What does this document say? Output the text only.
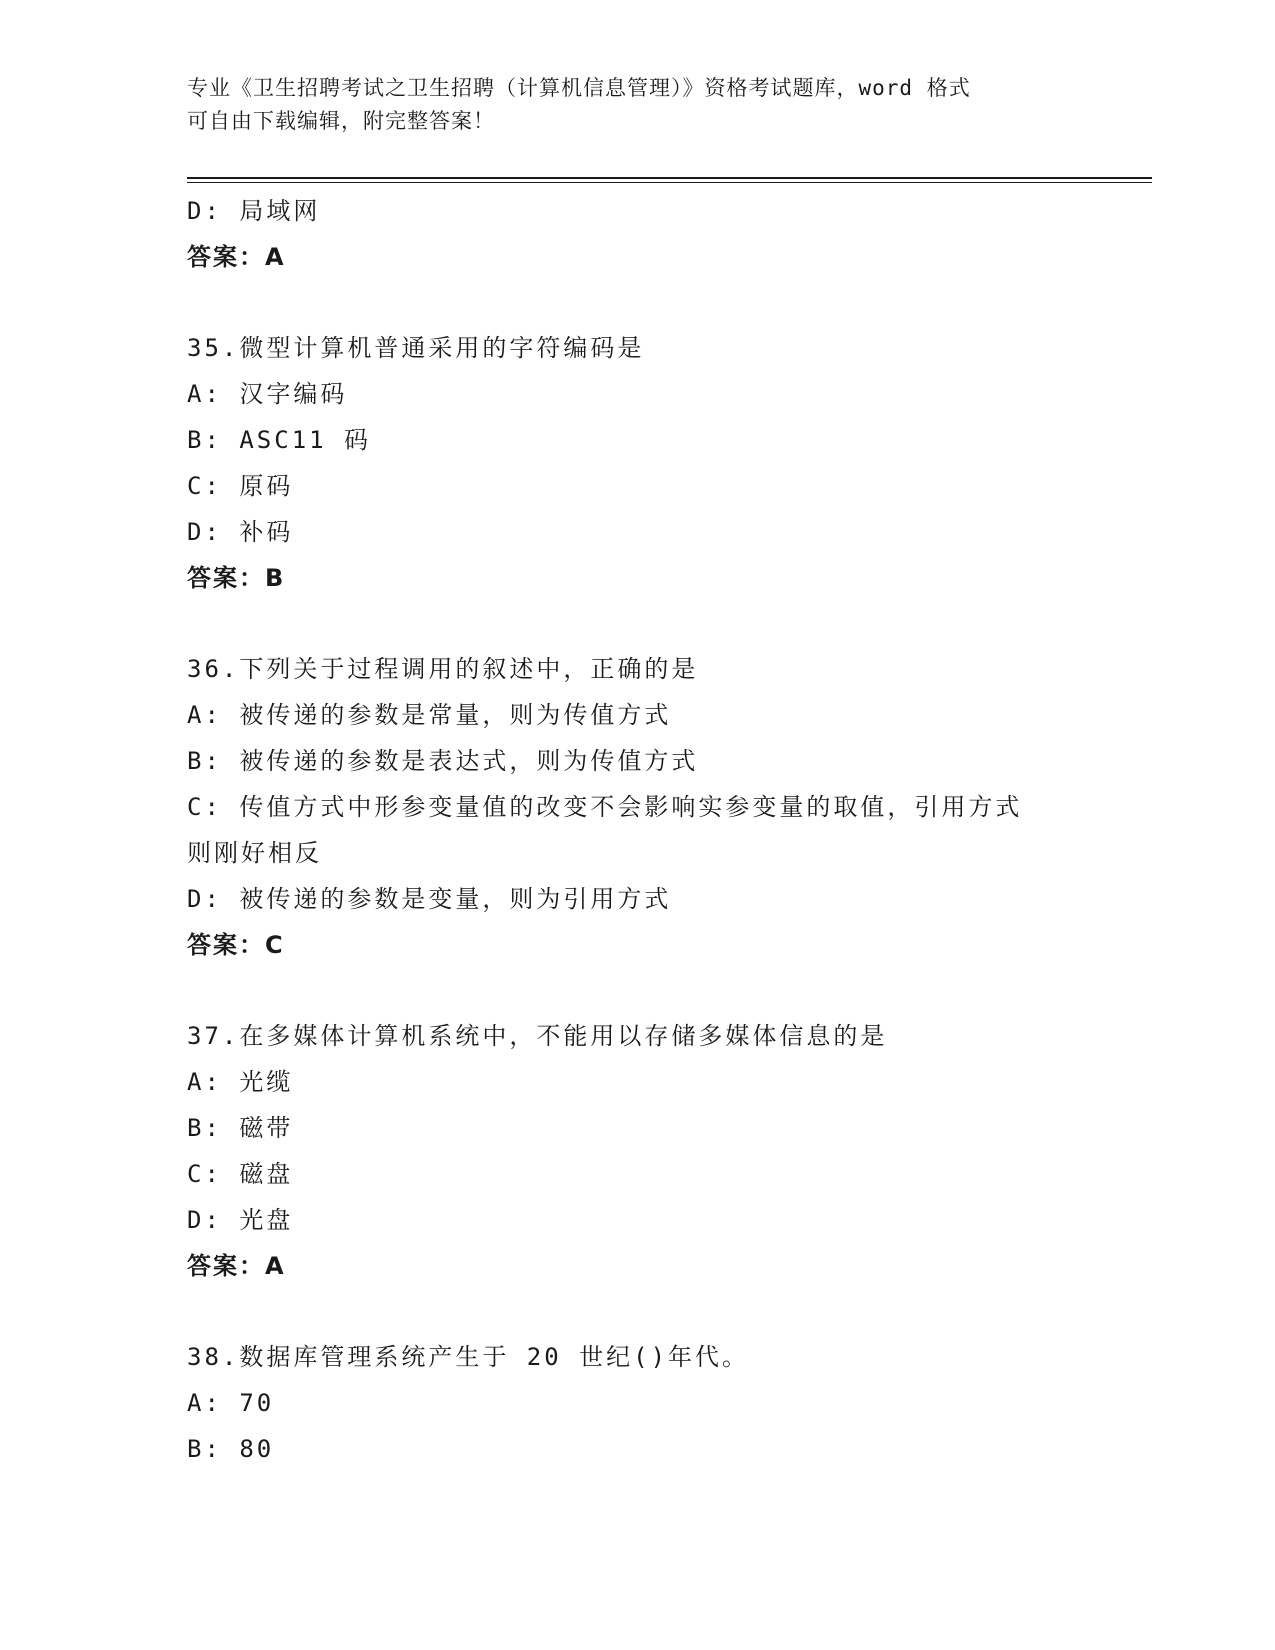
专业《卫生招聘考试之卫生招聘（计算机信息管理）》资格考试题库，word 格式
可自由下载编辑，附完整答案！
D: 局域网
答案：A
35.微型计算机普通采用的字符编码是
A: 汉字编码
B: ASC11 码
C: 原码
D: 补码
答案：B
36.下列关于过程调用的叙述中，正确的是
A: 被传递的参数是常量，则为传值方式
B: 被传递的参数是表达式，则为传值方式
C: 传值方式中形参变量值的改变不会影响实参变量的取值，引用方式
则刚好相反
D: 被传递的参数是变量，则为引用方式
答案：C
37.在多媒体计算机系统中，不能用以存储多媒体信息的是
A: 光缆
B: 磁带
C: 磁盘
D: 光盘
答案：A
38.数据库管理系统产生于 20 世纪()年代。
A: 70
B: 80
